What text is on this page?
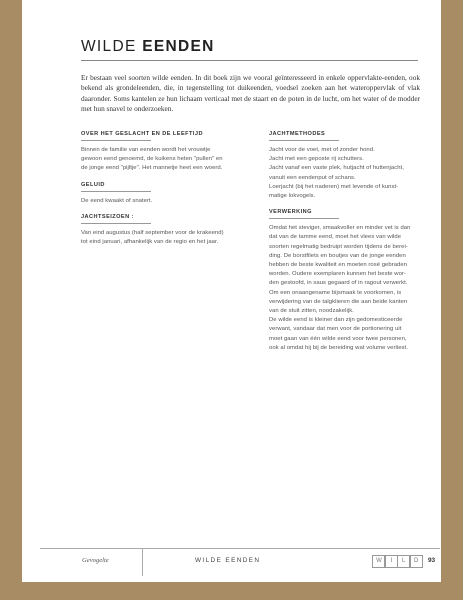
WILDE EENDEN

Er bestaan veel soorten wilde eenden. In dit boek zijn we vooral geïnteresseerd in enkele oppervlakte-eenden, ook bekend als grondeleenden, die, in tegenstelling tot duikeenden, voedsel zoeken aan het wateroppervlak of vlak daaronder. Soms kantelen ze hun lichaam verticaal met de staart en de poten in de lucht, om het water of de modder met hun snavel te onderzoeken.

OVER HET GESLACHT EN DE LEEFTIJD

Binnen de familie van eenden wordt het vrouwtje
gewoon eend genoemd, de kuikens heten "pullen" en
de jonge eend "pijltje". Het mannetje heet een woerd.

GELUID

De eend kwaakt of snatert.

JACHTSEIZOEN :

Van eind augustus (half september voor de krakeend)
tot eind januari, afhankelijk van de regio en het jaar.

JACHTMETHODES

Jacht voor de voet, met of zonder hond.
Jacht met een geposte rij schutters.
Jacht vanaf een vaste plek, hutjacht of huttenjacht,
vanuit een eendenput of schans.
Loerjacht (bij het naderen) met levende of kunst-
matige lokvogels.

VERWERKING

Omdat het steviger, smaakvoller en minder vet is dan
dat van de tamme eend, moet het vlees van wilde
soorten regelmatig bedruipt worden tijdens de berei-
ding. De borstfilets en boutjes van de jonge eenden
hebben de beste kwaliteit en moeten rosé gebraden
worden. Oudere exemplaren kunnen het beste wor-
den gestoofd, in saus gegaard of in ragout verwerkt.
Om een onaangename bijsmaak te voorkomen, is
verwijdering van de talgklieren die aan beide kanten
van de stuit zitten, noodzakelijk.
De wilde eend is kleiner dan zijn gedomesticeerde
verwant, vandaar dat men voor de portionering uit
moet gaan van één wilde eend voor twee personen,
ook al omdat hij bij de bereiding wat volume verliest.

Gevogelte	WILDE EENDEN	W	I	L	D	93
